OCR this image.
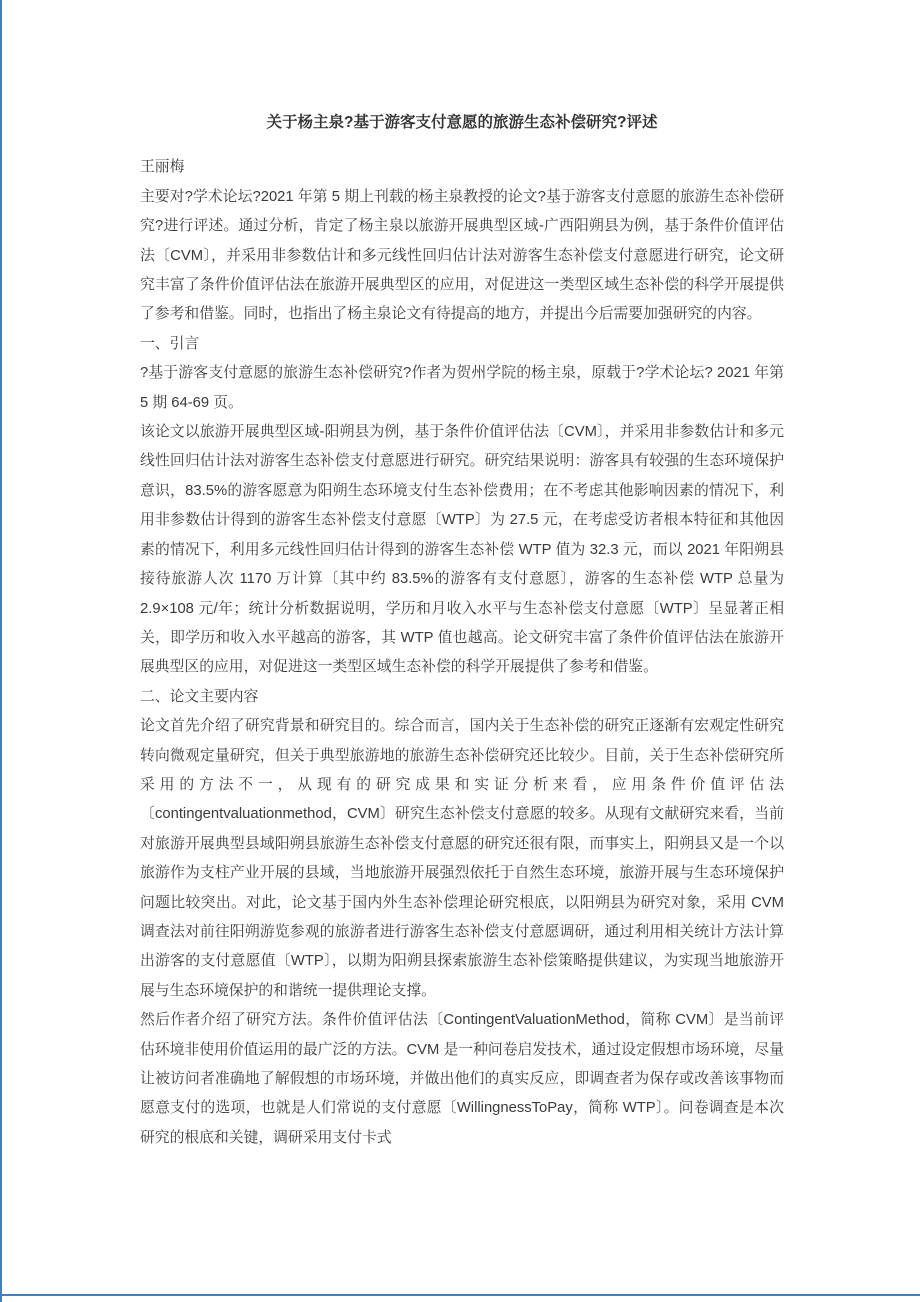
关于杨主泉?基于游客支付意愿的旅游生态补偿研究?评述

王丽梅

主要对?学术论坛?2021 年第 5 期上刊载的杨主泉教授的论文?基于游客支付意愿的旅游生态补偿研究?进行评述。通过分析，肯定了杨主泉以旅游开展典型区域-广西阳朔县为例，基于条件价值评估法〔CVM〕，并采用非参数估计和多元线性回归估计法对游客生态补偿支付意愿进行研究，论文研究丰富了条件价值评估法在旅游开展典型区的应用，对促进这一类型区域生态补偿的科学开展提供了参考和借鉴。同时，也指出了杨主泉论文有待提高的地方，并提出今后需要加强研究的内容。

一、引言

?基于游客支付意愿的旅游生态补偿研究?作者为贺州学院的杨主泉，原载于?学术论坛? 2021 年第 5 期 64-69 页。

该论文以旅游开展典型区域-阳朔县为例，基于条件价值评估法〔CVM〕，并采用非参数估计和多元线性回归估计法对游客生态补偿支付意愿进行研究。研究结果说明：游客具有较强的生态环境保护意识，83.5%的游客愿意为阳朔生态环境支付生态补偿费用；在不考虑其他影响因素的情况下，利用非参数估计得到的游客生态补偿支付意愿〔WTP〕为 27.5 元，在考虑受访者根本特征和其他因素的情况下，利用多元线性回归估计得到的游客生态补偿 WTP 值为 32.3 元，而以 2021 年阳朔县接待旅游人次 1170 万计算〔其中约 83.5%的游客有支付意愿〕，游客的生态补偿 WTP 总量为 2.9×108 元/年；统计分析数据说明，学历和月收入水平与生态补偿支付意愿〔WTP〕呈显著正相关，即学历和收入水平越高的游客，其 WTP 值也越高。论文研究丰富了条件价值评估法在旅游开展典型区的应用，对促进这一类型区域生态补偿的科学开展提供了参考和借鉴。

二、论文主要内容

论文首先介绍了研究背景和研究目的。综合而言，国内关于生态补偿的研究正逐渐有宏观定性研究转向微观定量研究，但关于典型旅游地的旅游生态补偿研究还比较少。目前，关于生态补偿研究所采用的方法不一，从现有的研究成果和实证分析来看，应用条件价值评估法〔contingentvaluationmethod，CVM〕研究生态补偿支付意愿的较多。从现有文献研究来看，当前对旅游开展典型县域阳朔县旅游生态补偿支付意愿的研究还很有限，而事实上，阳朔县又是一个以旅游作为支柱产业开展的县域，当地旅游开展强烈依托于自然生态环境，旅游开展与生态环境保护问题比较突出。对此，论文基于国内外生态补偿理论研究根底，以阳朔县为研究对象，采用 CVM 调查法对前往阳朔游览参观的旅游者进行游客生态补偿支付意愿调研，通过利用相关统计方法计算出游客的支付意愿值〔WTP〕，以期为阳朔县探索旅游生态补偿策略提供建议，为实现当地旅游开展与生态环境保护的和谐统一提供理论支撑。

然后作者介绍了研究方法。条件价值评估法〔ContingentValuationMethod，简称 CVM〕是当前评估环境非使用价值运用的最广泛的方法。CVM 是一种问卷启发技术，通过设定假想市场环境，尽量让被访问者准确地了解假想的市场环境，并做出他们的真实反应，即调查者为保存或改善该事物而愿意支付的选项，也就是人们常说的支付意愿〔WillingnessToPay，简称 WTP〕。问卷调查是本次研究的根底和关键，调研采用支付卡式
